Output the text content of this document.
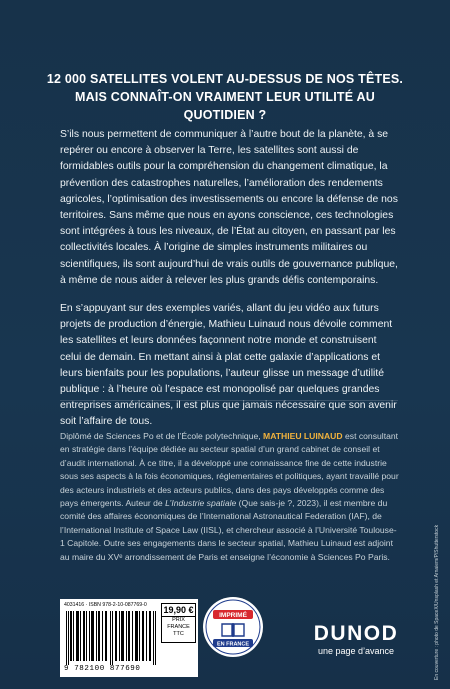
12 000 SATELLITES VOLENT AU-DESSUS DE NOS TÊTES.
MAIS CONNAÎT-ON VRAIMENT LEUR UTILITÉ AU QUOTIDIEN ?

S’ils nous permettent de communiquer à l’autre bout de la planète, à se repérer ou encore à observer la Terre, les satellites sont aussi de formidables outils pour la compréhension du changement climatique, la prévention des catastrophes naturelles, l’amélioration des rendements agricoles, l’optimisation des investissements ou encore la défense de nos territoires. Sans même que nous en ayons conscience, ces technologies sont intégrées à tous les niveaux, de l’État au citoyen, en passant par les collectivités locales. À l’origine de simples instruments militaires ou scientifiques, ils sont aujourd’hui de vrais outils de gouvernance publique, à même de nous aider à relever les plus grands défis contemporains.

En s’appuyant sur des exemples variés, allant du jeu vidéo aux futurs projets de production d’énergie, Mathieu Luinaud nous dévoile comment les satellites et leurs données façonnent notre monde et construisent celui de demain. En mettant ainsi à plat cette galaxie d’applications et leurs bienfaits pour les populations, l’auteur glisse un message d’utilité publique : à l’heure où l’espace est monopolisé par quelques grandes entreprises américaines, il est plus que jamais nécessaire que son avenir soit l’affaire de tous.

Diplômé de Sciences Po et de l’École polytechnique, MATHIEU LUINAUD est consultant en stratégie dans l’équipe dédiée au secteur spatial d’un grand cabinet de conseil et d’audit international. À ce titre, il a développé une connaissance fine de cette industrie sous ses aspects à la fois économiques, réglementaires et politiques, ayant travaillé pour des acteurs industriels et des acteurs publics, dans des pays développés comme des pays émergents. Auteur de L’Industrie spatiale (Que sais-je ?, 2023), il est membre du comité des affaires économiques de l’International Astronautical Federation (IAF), de l’International Institute of Space Law (IISL), et chercheur associé à l’Université Toulouse-1 Capitole. Outre ses engagements dans le secteur spatial, Mathieu Luinaud est adjoint au maire du XVᵉ arrondissement de Paris et enseigne l’économie à Sciences Po Paris.
4031416 · ISBN 978-2-10-087769-0
9 782100 877690
19,90 €
PRIX
FRANCE
TTC
IMPRIMÉ
EN FRANCE	DUNOD
une page d’avance	En couverture : photo de SpaceX/Unsplash et Arnaiem/P/Shutterstock
